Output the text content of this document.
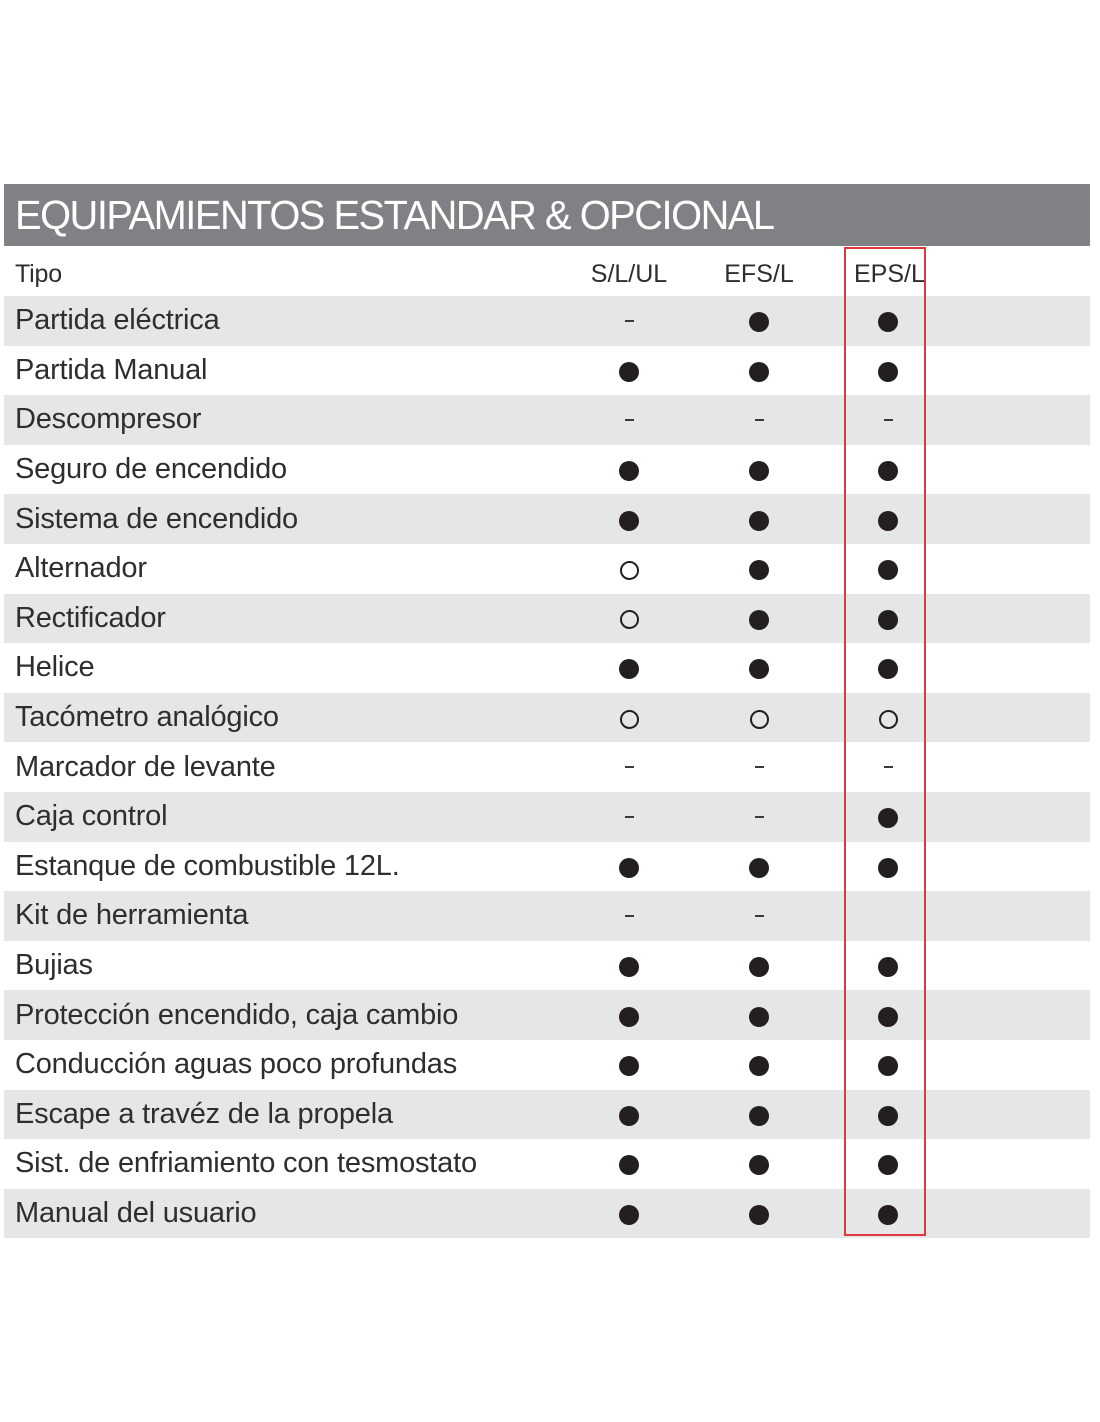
EQUIPAMIENTOS ESTANDAR & OPCIONAL
Tipo	S/L/UL EFS/L EPS/L
Partida eléctrica
Partida Manual
Descompresor
Seguro de encendido
Sistema de encendido
Alternador
Rectificador
Helice
Tacómetro analógico
Marcador de levante
Caja control
Estanque de combustible 12L.
Kit de herramienta
Bujias
Protección encendido, caja cambio
Conducción aguas poco profundas
Escape a travéz de la propela
Sist. de enfriamiento con tesmostato
Manual del usuario
